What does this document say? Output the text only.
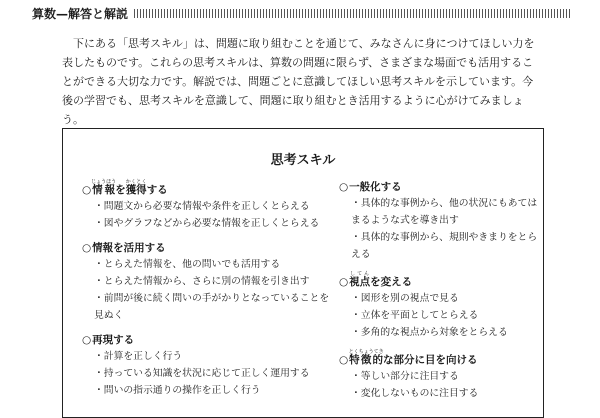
算数—解答と解説

下にある「思考スキル」は、問題に取り組むことを通じて、みなさんに身につけてほしい力を表したものです。これらの思考スキルは、算数の問題に限らず、さまざまな場面でも活用することができる大切な力です。解説では、問題ごとに意識してほしい思考スキルを示しています。今後の学習でも、思考スキルを意識して、問題に取り組むとき活用するように心がけてみましょう。

思考スキル
○情報じょうほうを獲得かくとくする
・問題文から必要な情報や条件を正しくとらえる
・図やグラフなどから必要な情報を正しくとらえる
○情報を活用する
・とらえた情報を、他の問いでも活用する
・とらえた情報から、さらに別の情報を引き出す
・前問が後に続く問いの手がかりとなっていることを見ぬく
○再現する
・計算を正しく行う
・持っている知識を状況に応じて正しく運用する
・問いの指示通りの操作を正しく行う
○一般化する
・具体的な事例から、他の状況にもあてはまるような式を導き出す
・具体的な事例から、規則やきまりをとらえる
○視点してんを変える
・図形を別の視点で見る
・立体を平面としてとらえる
・多角的な視点から対象をとらえる
○特徴的とくちょうてきな部分に目を向ける
・等しい部分に注目する
・変化しないものに注目する
